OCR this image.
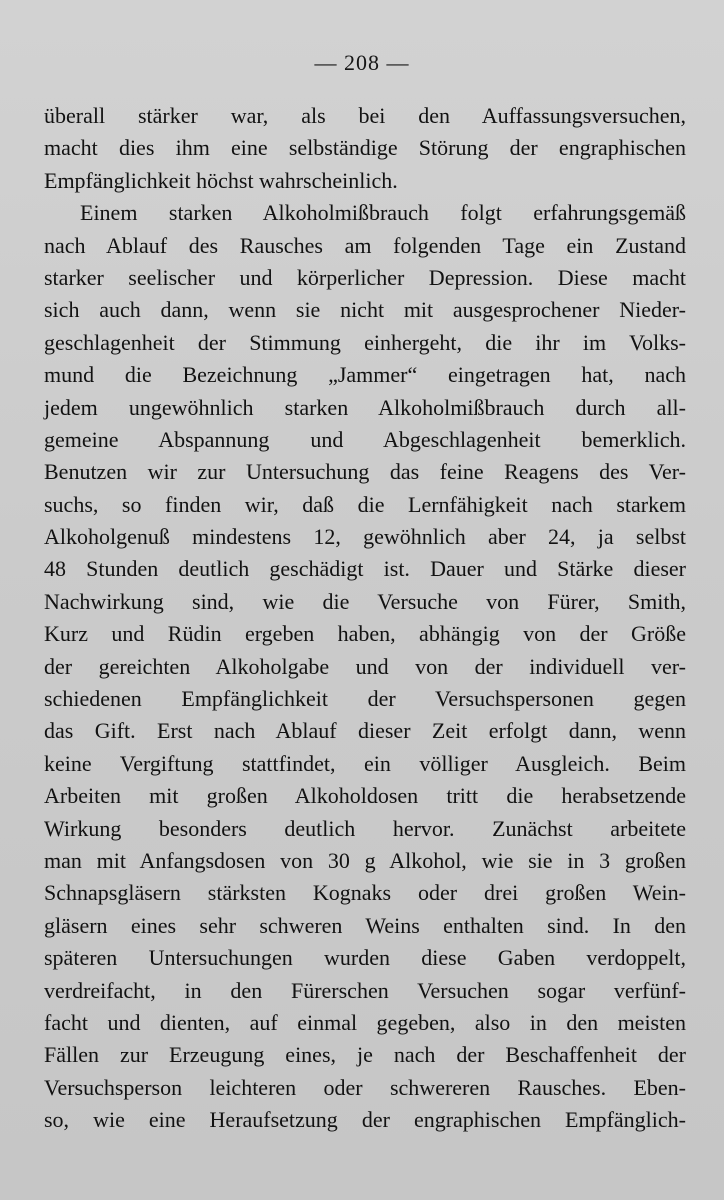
— 208 —
überall stärker war, als bei den Auffassungsversuchen,
macht dies ihm eine selbständige Störung der engraphischen
Empfänglichkeit höchst wahrscheinlich.
Einem starken Alkoholmißbrauch folgt erfahrungsgemäß
nach Ablauf des Rausches am folgenden Tage ein Zustand
starker seelischer und körperlicher Depression. Diese macht
sich auch dann, wenn sie nicht mit ausgesprochener Nieder-
geschlagenheit der Stimmung einhergeht, die ihr im Volks-
mund die Bezeichnung „Jammer“ eingetragen hat, nach
jedem ungewöhnlich starken Alkoholmißbrauch durch all-
gemeine Abspannung und Abgeschlagenheit bemerklich.
Benutzen wir zur Untersuchung das feine Reagens des Ver-
suchs, so finden wir, daß die Lernfähigkeit nach starkem
Alkoholgenuß mindestens 12, gewöhnlich aber 24, ja selbst
48 Stunden deutlich geschädigt ist. Dauer und Stärke dieser
Nachwirkung sind, wie die Versuche von Fürer, Smith,
Kurz und Rüdin ergeben haben, abhängig von der Größe
der gereichten Alkoholgabe und von der individuell ver-
schiedenen Empfänglichkeit der Versuchspersonen gegen
das Gift. Erst nach Ablauf dieser Zeit erfolgt dann, wenn
keine Vergiftung stattfindet, ein völliger Ausgleich. Beim
Arbeiten mit großen Alkoholdosen tritt die herabsetzende
Wirkung besonders deutlich hervor. Zunächst arbeitete
man mit Anfangsdosen von 30 g Alkohol, wie sie in 3 großen
Schnapsgläsern stärksten Kognaks oder drei großen Wein-
gläsern eines sehr schweren Weins enthalten sind. In den
späteren Untersuchungen wurden diese Gaben verdoppelt,
verdreifacht, in den Fürerschen Versuchen sogar verfünf-
facht und dienten, auf einmal gegeben, also in den meisten
Fällen zur Erzeugung eines, je nach der Beschaffenheit der
Versuchsperson leichteren oder schwereren Rausches. Eben-
so, wie eine Heraufsetzung der engraphischen Empfänglich-
